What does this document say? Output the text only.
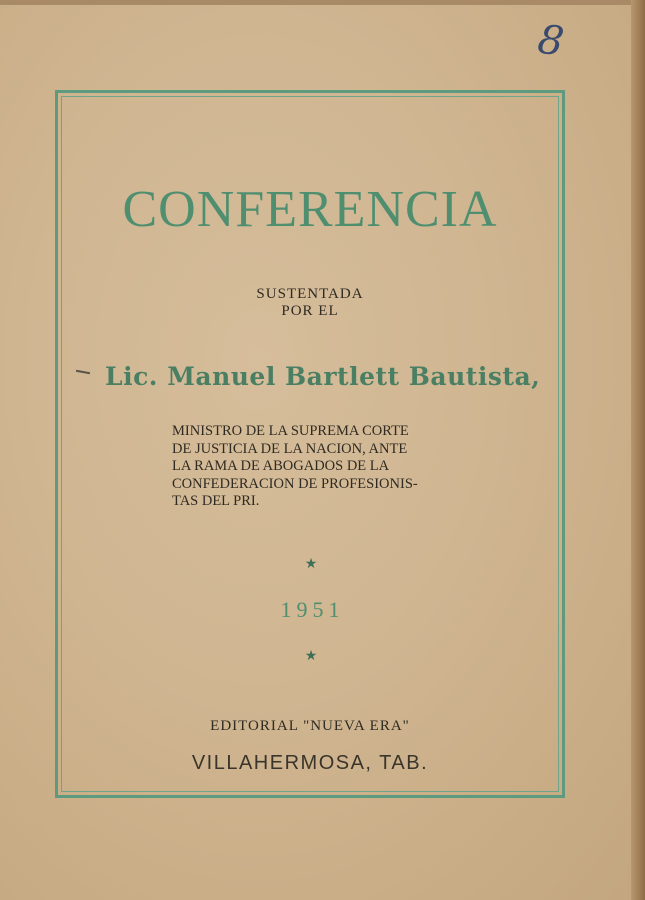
8
CONFERENCIA
SUSTENTADA
POR EL
Lic. Manuel Bartlett Bautista,
MINISTRO DE LA SUPREMA CORTE
DE JUSTICIA DE LA NACION, ANTE
LA RAMA DE ABOGADOS DE LA
CONFEDERACION DE PROFESIONIS-
TAS DEL PRI.
★
1951
★
EDITORIAL "NUEVA ERA"
VILLAHERMOSA, TAB.
